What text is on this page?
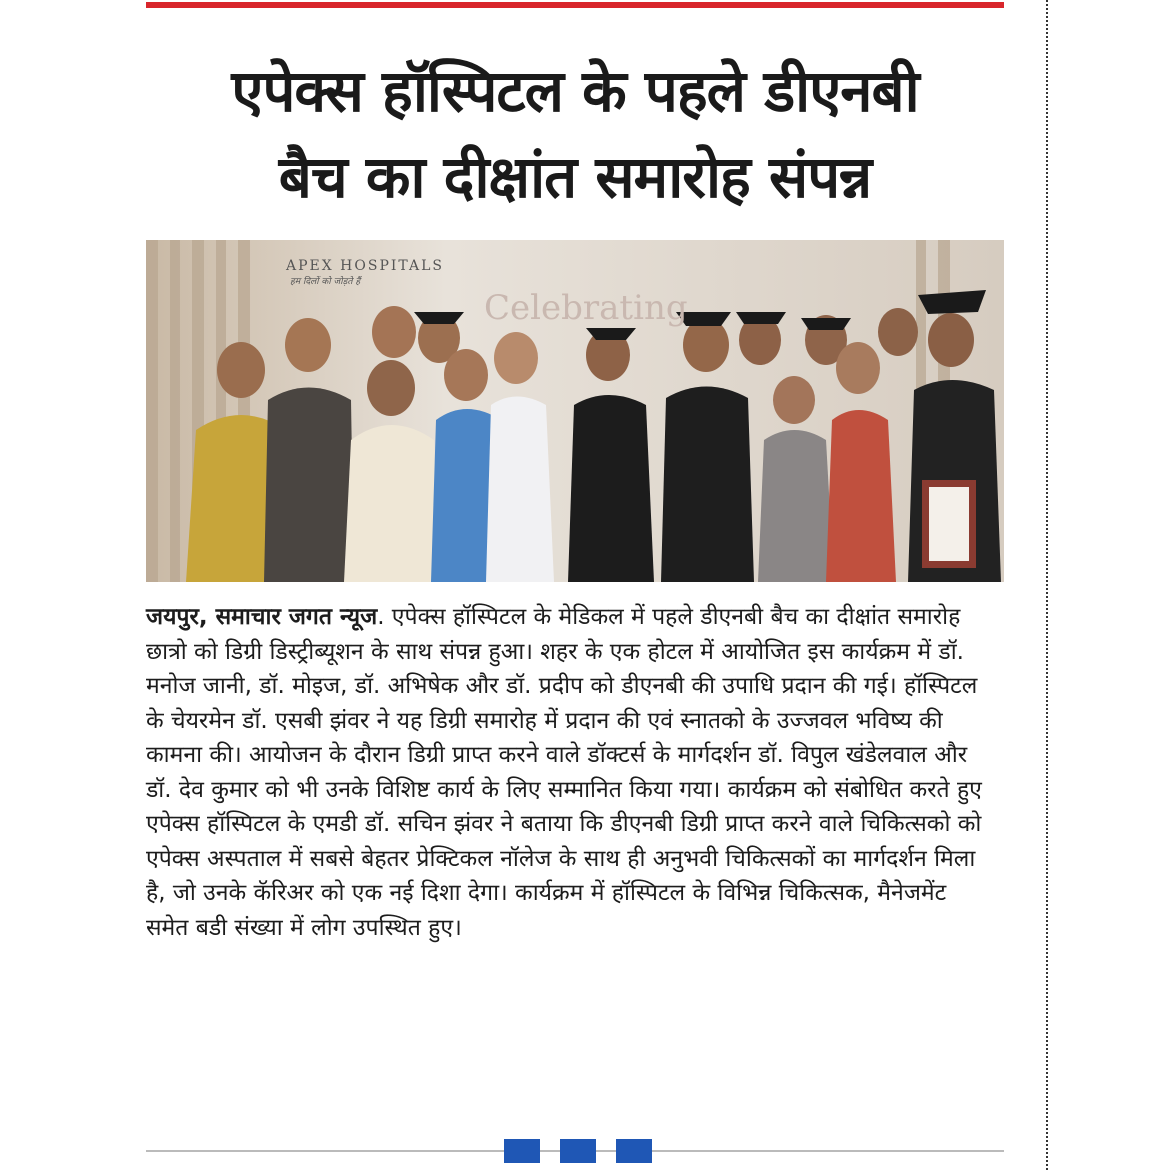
एपेक्स हॉस्पिटल के पहले डीएनबी
बैच का दीक्षांत समारोह संपन्न
APEX HOSPITALS
हम दिलों को जोड़ते हैं
Celebrating

जयपुर, समाचार जगत न्यूज. एपेक्स हॉस्पिटल के मेडिकल में पहले डीएनबी बैच का दीक्षांत समारोह छात्रो को डिग्री डिस्ट्रीब्यूशन के साथ संपन्न हुआ। शहर के एक होटल में आयोजित इस कार्यक्रम में डॉ. मनोज जानी, डॉ. मोइज, डॉ. अभिषेक और डॉ. प्रदीप को डीएनबी की उपाधि प्रदान की गई। हॉस्पिटल के चेयरमेन डॉ. एसबी झंवर ने यह डिग्री समारोह में प्रदान की एवं स्नातको के उज्जवल भविष्य की कामना की। आयोजन के दौरान डिग्री प्राप्त करने वाले डॉक्टर्स के मार्गदर्शन डॉ. विपुल खंडेलवाल और डॉ. देव कुमार को भी उनके विशिष्ट कार्य के लिए सम्मानित किया गया। कार्यक्रम को संबोधित करते हुए एपेक्स हॉस्पिटल के एमडी डॉ. सचिन झंवर ने बताया कि डीएनबी डिग्री प्राप्त करने वाले चिकित्सको को एपेक्स अस्पताल में सबसे बेहतर प्रेक्टिकल नॉलेज के साथ ही अनुभवी चिकित्सकों का मार्गदर्शन मिला है, जो उनके कॅरिअर को एक नई दिशा देगा। कार्यक्रम में हॉस्पिटल के विभिन्न चिकित्सक, मैनेजमेंट समेत बडी संख्या में लोग उपस्थित हुए।
